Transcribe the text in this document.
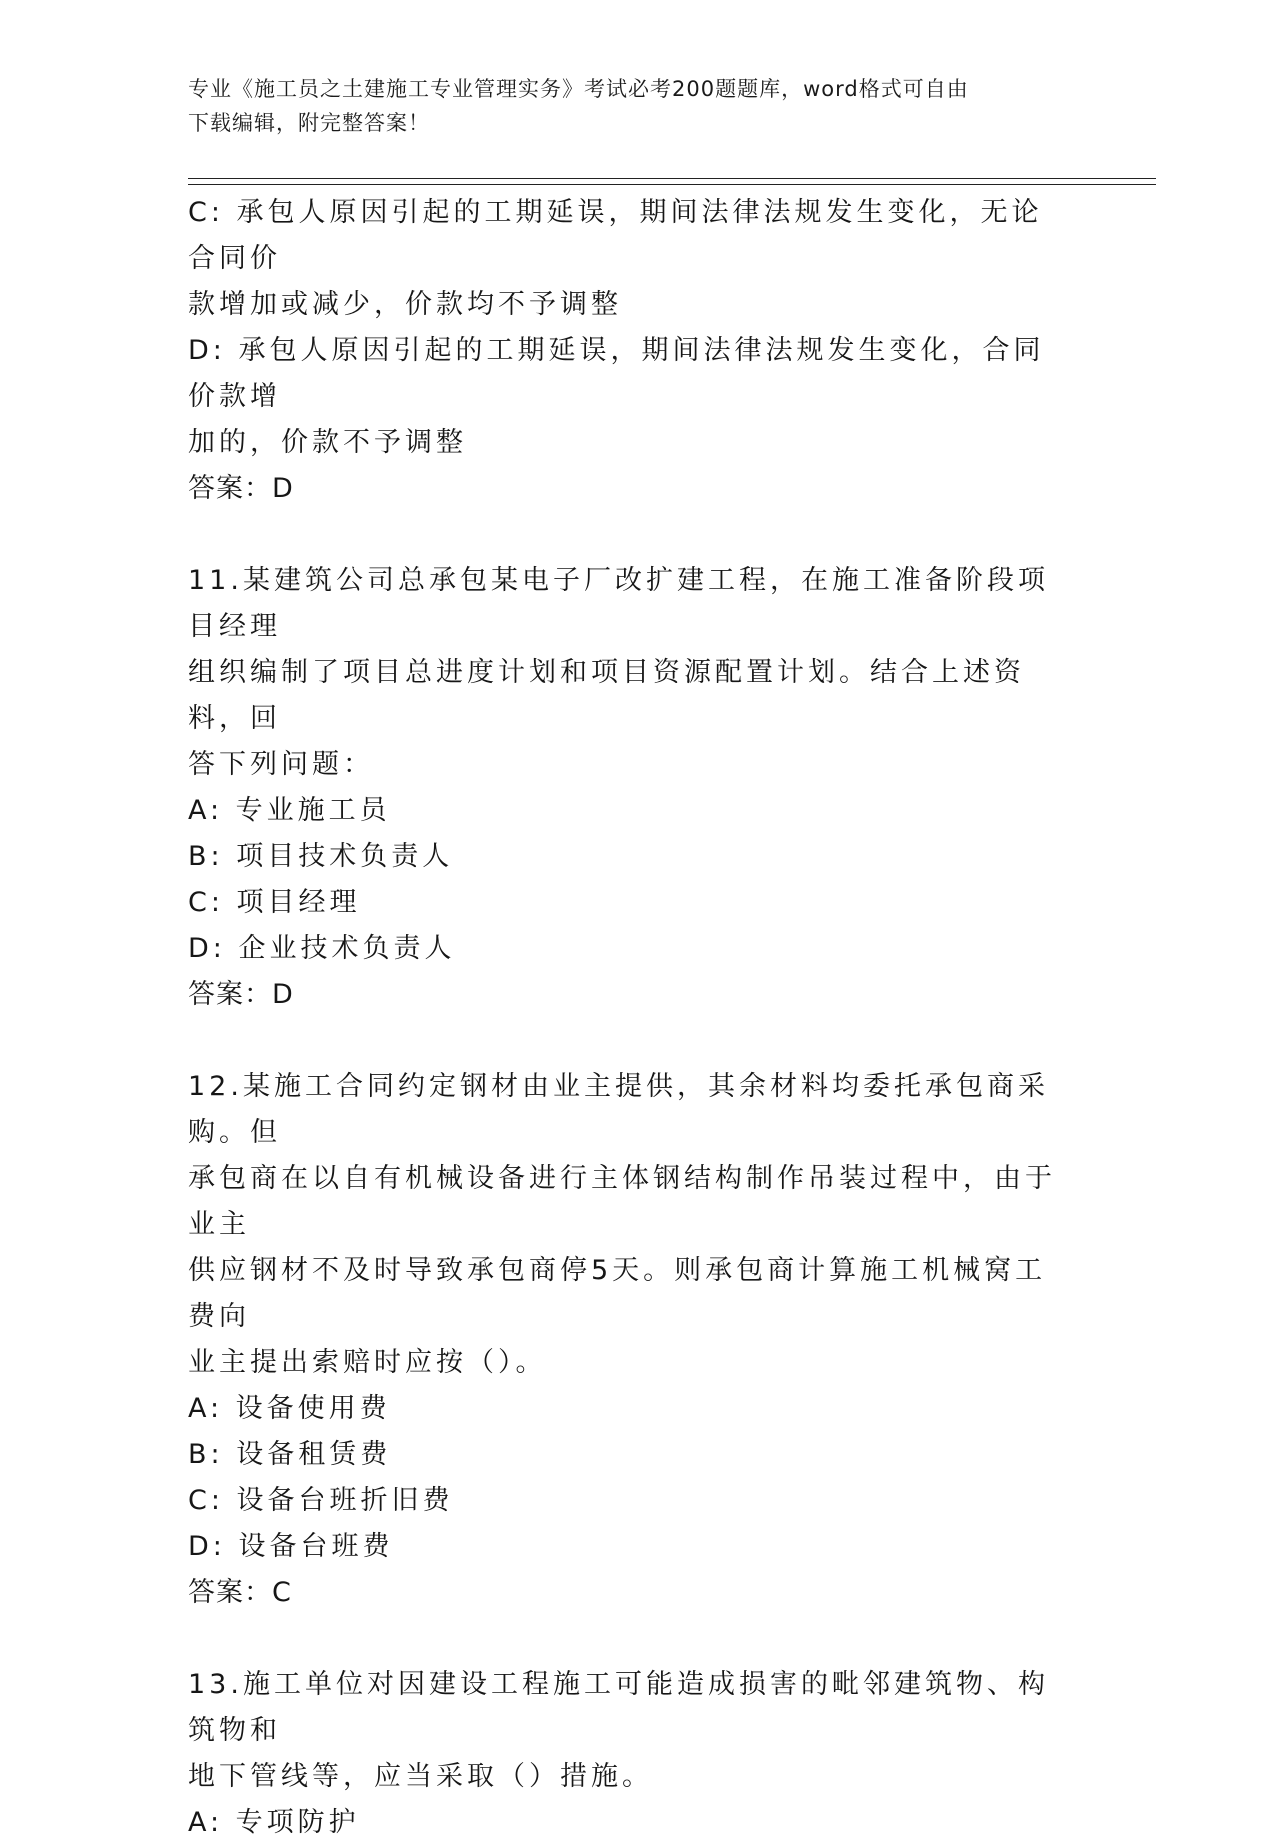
专业《施工员之土建施工专业管理实务》考试必考200题题库，word格式可自由
下载编辑，附完整答案！
C: 承包人原因引起的工期延误，期间法律法规发生变化，无论合同价
款增加或减少，价款均不予调整
D: 承包人原因引起的工期延误，期间法律法规发生变化，合同价款增
加的，价款不予调整
答案：D
11.某建筑公司总承包某电子厂改扩建工程，在施工准备阶段项目经理
组织编制了项目总进度计划和项目资源配置计划。结合上述资料，回
答下列问题：
A: 专业施工员
B: 项目技术负责人
C: 项目经理
D: 企业技术负责人
答案：D
12.某施工合同约定钢材由业主提供，其余材料均委托承包商采购。但
承包商在以自有机械设备进行主体钢结构制作吊装过程中，由于业主
供应钢材不及时导致承包商停5天。则承包商计算施工机械窝工费向
业主提出索赔时应按（）。
A: 设备使用费
B: 设备租赁费
C: 设备台班折旧费
D: 设备台班费
答案：C
13.施工单位对因建设工程施工可能造成损害的毗邻建筑物、构筑物和
地下管线等，应当采取（）措施。
A: 专项防护
